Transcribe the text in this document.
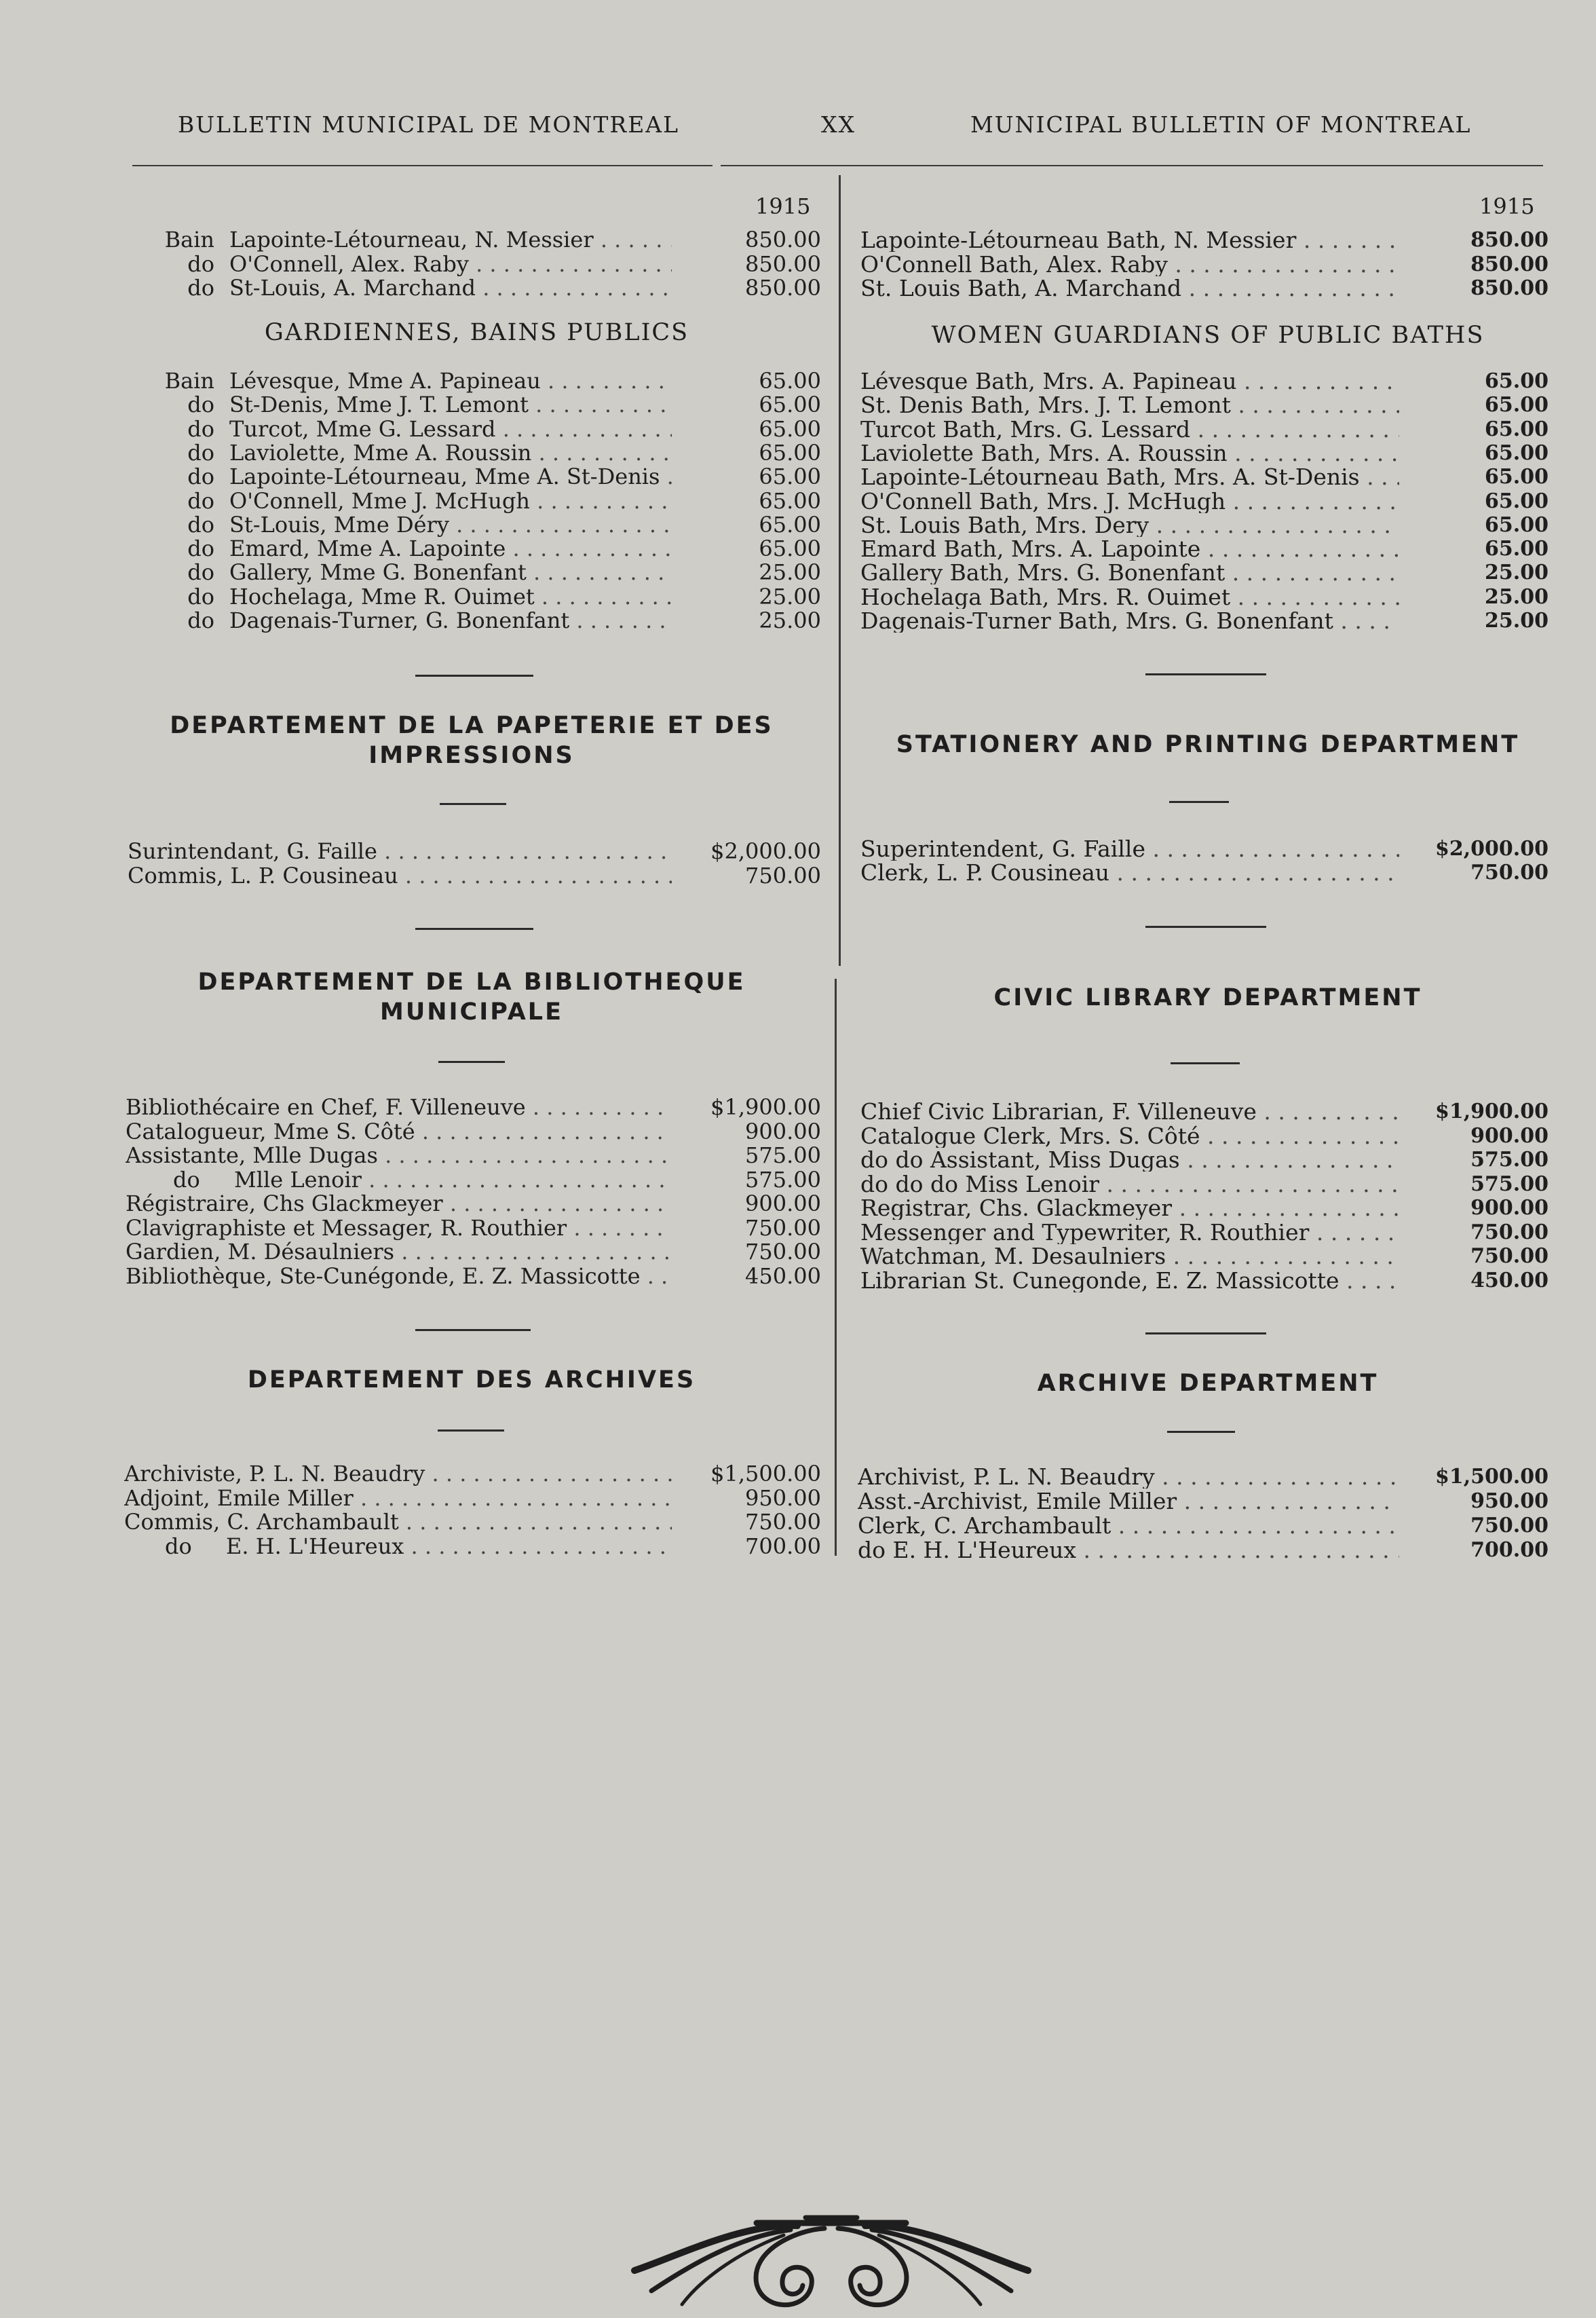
BULLETIN MUNICIPAL DE MONTREAL	XX	MUNICIPAL BULLETIN OF MONTREAL
1915	1915
Bain Lapointe-Létourneau, N. Messier . . .	850.00
do O'Connell, Alex. Raby . . .	850.00
do St-Louis, A. Marchand . . .	850.00
GARDIENNES, BAINS PUBLICS
Bain Lévesque, Mme A. Papineau . . .	65.00
do St-Denis, Mme J. T. Lemont . . .	65.00
do Turcot, Mme G. Lessard . . .	65.00
do Laviolette, Mme A. Roussin . . .	65.00
do Lapointe-Létourneau, Mme A. St-Denis . . .	65.00
do O'Connell, Mme J. McHugh . . .	65.00
do St-Louis, Mme Déry . . .	65.00
do Emard, Mme A. Lapointe . . .	65.00
do Gallery, Mme G. Bonenfant . . .	25.00
do Hochelaga, Mme R. Ouimet . . .	25.00
do Dagenais-Turner, G. Bonenfant . . .	25.00
DEPARTEMENT DE LA PAPETERIE ET DES IMPRESSIONS
Surintendant, G. Faille . . .	$2,000.00
Commis, L. P. Cousineau . . .	750.00
DEPARTEMENT DE LA BIBLIOTHEQUE MUNICIPALE
Bibliothécaire en Chef, F. Villeneuve . . .	$1,900.00
Catalogueur, Mme S. Côté . . .	900.00
Assistante, Mlle Dugas . . .	575.00
do Mlle Lenoir . . .	575.00
Régistraire, Chs Glackmeyer . . .	900.00
Clavigraphiste et Messager, R. Routhier . . .	750.00
Gardien, M. Désaulniers . . .	750.00
Bibliothèque, Ste-Cunégonde, E. Z. Massicotte . . .	450.00
DEPARTEMENT DES ARCHIVES
Archiviste, P. L. N. Beaudry . . .	$1,500.00
Adjoint, Emile Miller . . .	950.00
Commis, C. Archambault . . .	750.00
do E. H. L'Heureux . . .	700.00
Lapointe-Létourneau Bath, N. Messier . . .	850.00
O'Connell Bath, Alex. Raby . . .	850.00
St. Louis Bath, A. Marchand . . .	850.00
WOMEN GUARDIANS OF PUBLIC BATHS
Lévesque Bath, Mrs. A. Papineau . . .	65.00
St. Denis Bath, Mrs. J. T. Lemont . . .	65.00
Turcot Bath, Mrs. G. Lessard . . .	65.00
Laviolette Bath, Mrs. A. Roussin . . .	65.00
Lapointe-Létourneau Bath, Mrs. A. St-Denis . . .	65.00
O'Connell Bath, Mrs. J. McHugh . . .	65.00
St. Louis Bath, Mrs. Dery . . .	65.00
Emard Bath, Mrs. A. Lapointe . . .	65.00
Gallery Bath, Mrs. G. Bonenfant . . .	25.00
Hochelaga Bath, Mrs. R. Ouimet . . .	25.00
Dagenais-Turner Bath, Mrs. G. Bonenfant . . .	25.00
STATIONERY AND PRINTING DEPARTMENT
Superintendent, G. Faille . . .	$2,000.00
Clerk, L. P. Cousineau . . .	750.00
CIVIC LIBRARY DEPARTMENT
Chief Civic Librarian, F. Villeneuve . . .	$1,900.00
Catalogue Clerk, Mrs. S. Côté . . .	900.00
do do Assistant, Miss Dugas . . .	575.00
do do do Miss Lenoir . . .	575.00
Registrar, Chs. Glackmeyer . . .	900.00
Messenger and Typewriter, R. Routhier . . .	750.00
Watchman, M. Desaulniers . . .	750.00
Librarian St. Cunegonde, E. Z. Massicotte . . .	450.00
ARCHIVE DEPARTMENT
Archivist, P. L. N. Beaudry . . .	$1,500.00
Asst.-Archivist, Emile Miller . . .	950.00
Clerk, C. Archambault . . .	750.00
do E. H. L'Heureux . . .	700.00
